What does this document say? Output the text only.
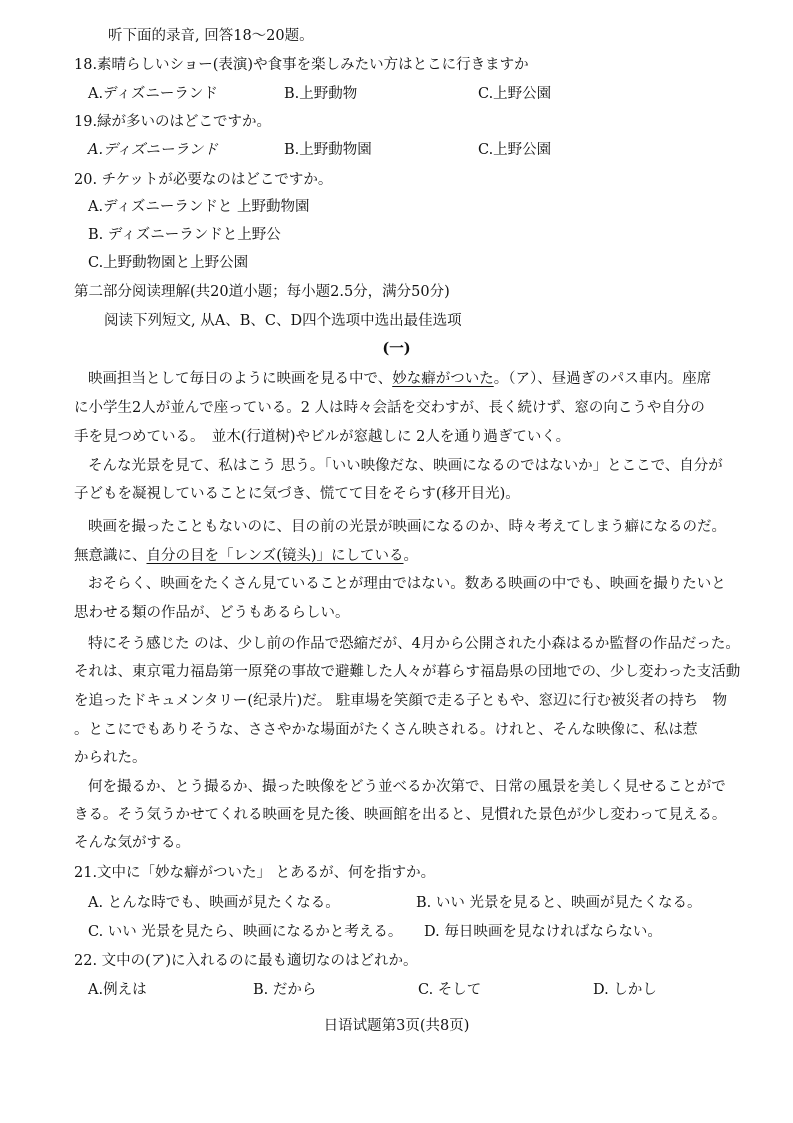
听下面的录音, 回答18～20题。
18.素晴らしいショー(表演)や食事を楽しみたい方はとこに行きますか
A.ディズニーランド	B.上野動物	C.上野公園
19.緑が多いのはどこですか。
A.ディズニーランド	B.上野動物園	C.上野公園
20. チケットが必要なのはどこですか。
A.ディズニーランドと 上野動物園
B. ディズニーランドと上野公
C.上野動物園と上野公園
第二部分阅读理解(共20道小题；每小题2.5分，满分50分)
阅读下列短文, 从A、B、C、D四个选项中选出最佳选项
(一)
映画担当として毎日のように映画を見る中で、妙な癖がついた。（ア）、昼過ぎのパス車内。座席
に小学生2人が並んで座っている。2 人は時々会話を交わすが、長く続けず、窓の向こうや自分の
手を見つめている。　並木(行道树)やビルが窓越しに 2人を通り過ぎていく。
そんな光景を見て、私はこう 思う。「いい映像だな、映画になるのではないか」とここで、自分が
子どもを凝視していることに気づき、慌てて目をそらす(移开目光)。
映画を撮ったこともないのに、目の前の光景が映画になるのか、時々考えてしまう癖になるのだ。
無意識に、自分の目を「レンズ(镜头)」にしている。
おそらく、映画をたくさん見ていることが理由ではない。数ある映画の中でも、映画を撮りたいと
思わせる類の作品が、どうもあるらしい。
特にそう感じた のは、少し前の作品で恐縮だが、4月から公開された小森はるか監督の作品だった。
それは、東京電力福島第一原発の事故で避難した人々が暮らす福島県の団地での、少し変わった支活動
を追ったドキュメンタリー(纪录片)だ。 駐車場を笑顔で走る子ともや、窓辺に行む被災者の持ち　物
。とこにでもありそうな、ささやかな場面がたくさん映される。けれと、そんな映像に、私は惹
かられた。
何を撮るか、とう撮るか、撮った映像をどう並べるか次第で、日常の風景を美しく見せることがで
きる。そう気うかせてくれる映画を見た後、映画館を出ると、見慣れた景色が少し変わって見える。
そんな気がする。
21.文中に「妙な癖がついた」 とあるが、何を指すか。
A. とんな時でも、映画が見たくなる。	B. いい 光景を見ると、映画が見たくなる。
C. いい 光景を見たら、映画になるかと考える。 D. 毎日映画を見なければならない。
22. 文中の(ア)に入れるのに最も適切なのはどれか。
A.例えは	B. だから	C. そして	D. しかし
日语试题第3页(共8页)
